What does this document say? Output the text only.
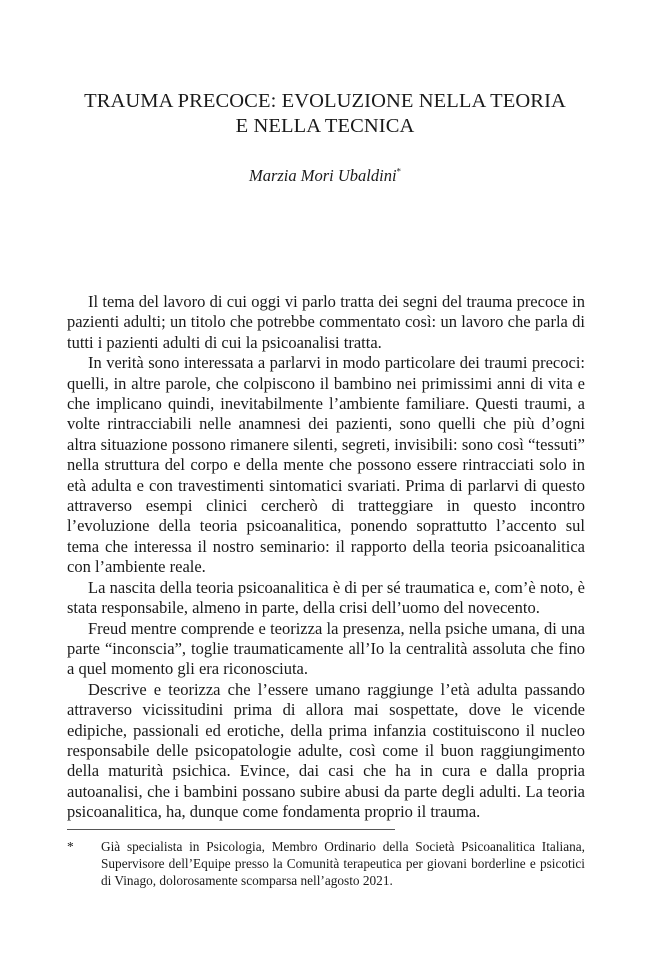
TRAUMA PRECOCE: EVOLUZIONE NELLA TEORIA
E NELLA TECNICA

Marzia Mori Ubaldini*

Il tema del lavoro di cui oggi vi parlo tratta dei segni del trauma precoce in pazienti adulti; un titolo che potrebbe commentato così: un lavoro che parla di tutti i pazienti adulti di cui la psicoanalisi tratta.

In verità sono interessata a parlarvi in modo particolare dei traumi precoci: quelli, in altre parole, che colpiscono il bambino nei primissimi anni di vita e che implicano quindi, inevitabilmente l’ambiente familiare. Questi traumi, a volte rintracciabili nelle anamnesi dei pazienti, sono quelli che più d’ogni altra situazione possono rimanere silenti, segreti, invisibili: sono così “tessuti” nella struttura del corpo e della mente che possono essere rintracciati solo in età adulta e con travestimenti sintomatici svariati. Prima di parlarvi di questo attraverso esempi clinici cercherò di tratteggiare in questo incontro l’evoluzione della teoria psicoanalitica, ponendo soprattutto l’accento sul tema che interessa il nostro seminario: il rapporto della teoria psicoanalitica con l’ambiente reale.

La nascita della teoria psicoanalitica è di per sé traumatica e, com’è noto, è stata responsabile, almeno in parte, della crisi dell’uomo del novecento.

Freud mentre comprende e teorizza la presenza, nella psiche umana, di una parte “inconscia”, toglie traumaticamente all’Io la centralità assoluta che fino a quel momento gli era riconosciuta.

Descrive e teorizza che l’essere umano raggiunge l’età adulta passando attraverso vicissitudini prima di allora mai sospettate, dove le vicende edipiche, passionali ed erotiche, della prima infanzia costituiscono il nucleo responsabile delle psicopatologie adulte, così come il buon raggiungimento della maturità psichica. Evince, dai casi che ha in cura e dalla propria autoanalisi, che i bambini possano subire abusi da parte degli adulti. La teoria psicoanalitica, ha, dunque come fondamenta proprio il trauma.

* Già specialista in Psicologia, Membro Ordinario della Società Psicoanalitica Italiana, Supervisore dell’Equipe presso la Comunità terapeutica per giovani borderline e psicotici di Vinago, dolorosamente scomparsa nell’agosto 2021.
